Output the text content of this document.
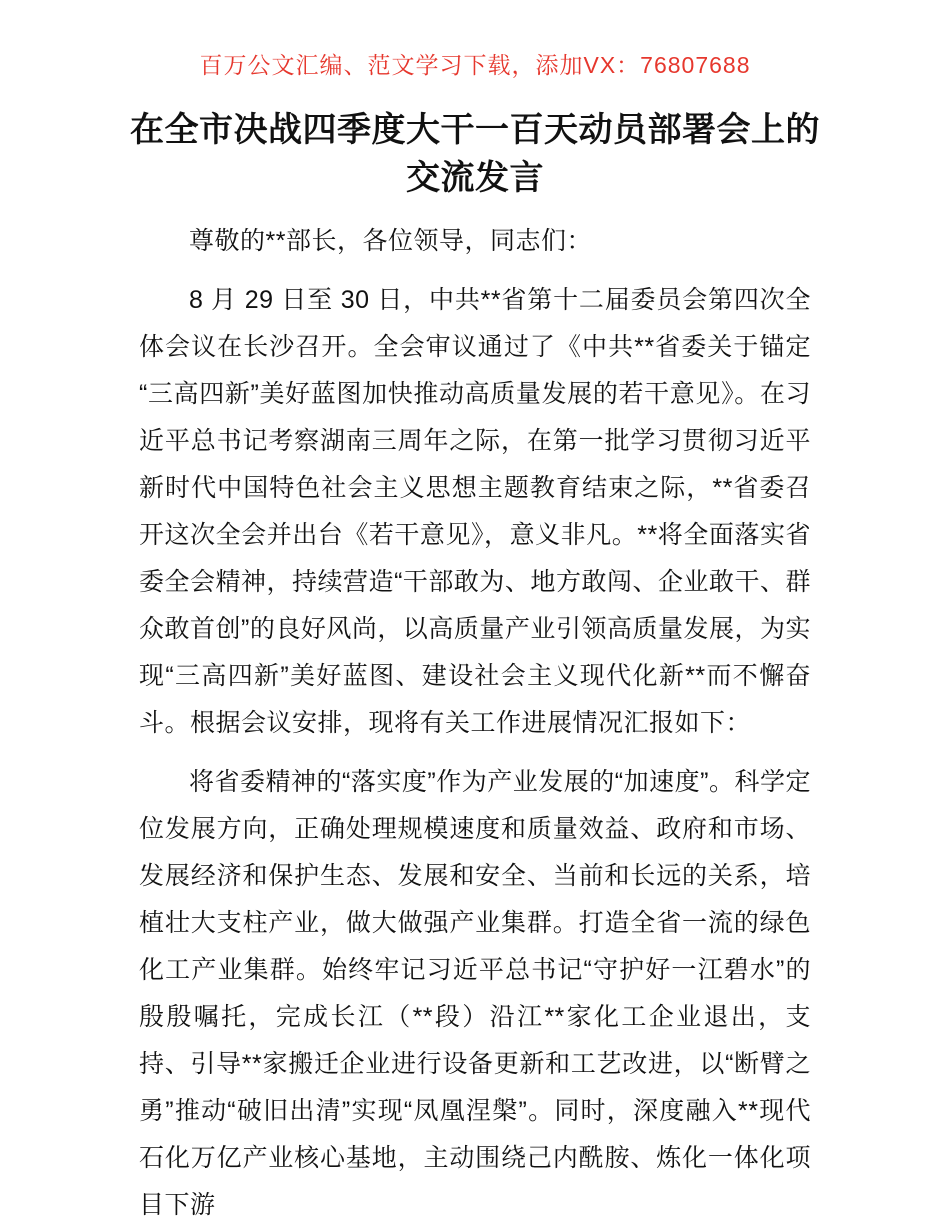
百万公文汇编、范文学习下载，添加VX：76807688
在全市决战四季度大干一百天动员部署会上的交流发言

尊敬的**部长，各位领导，同志们：

8 月 29 日至 30 日，中共**省第十二届委员会第四次全体会议在长沙召开。全会审议通过了《中共**省委关于锚定“三高四新”美好蓝图加快推动高质量发展的若干意见》。在习近平总书记考察湖南三周年之际，在第一批学习贯彻习近平新时代中国特色社会主义思想主题教育结束之际，**省委召开这次全会并出台《若干意见》，意义非凡。**将全面落实省委全会精神，持续营造“干部敢为、地方敢闯、企业敢干、群众敢首创”的良好风尚，以高质量产业引领高质量发展，为实现“三高四新”美好蓝图、建设社会主义现代化新**而不懈奋斗。根据会议安排，现将有关工作进展情况汇报如下：

将省委精神的“落实度”作为产业发展的“加速度”。科学定位发展方向，正确处理规模速度和质量效益、政府和市场、发展经济和保护生态、发展和安全、当前和长远的关系，培植壮大支柱产业，做大做强产业集群。打造全省一流的绿色化工产业集群。始终牢记习近平总书记“守护好一江碧水”的殷殷嘱托，完成长江（**段）沿江**家化工企业退出，支持、引导**家搬迁企业进行设备更新和工艺改进，以“断臂之勇”推动“破旧出清”实现“凤凰涅槃”。同时，深度融入**现代石化万亿产业核心基地，主动围绕己内酰胺、炼化一体化项目下游
